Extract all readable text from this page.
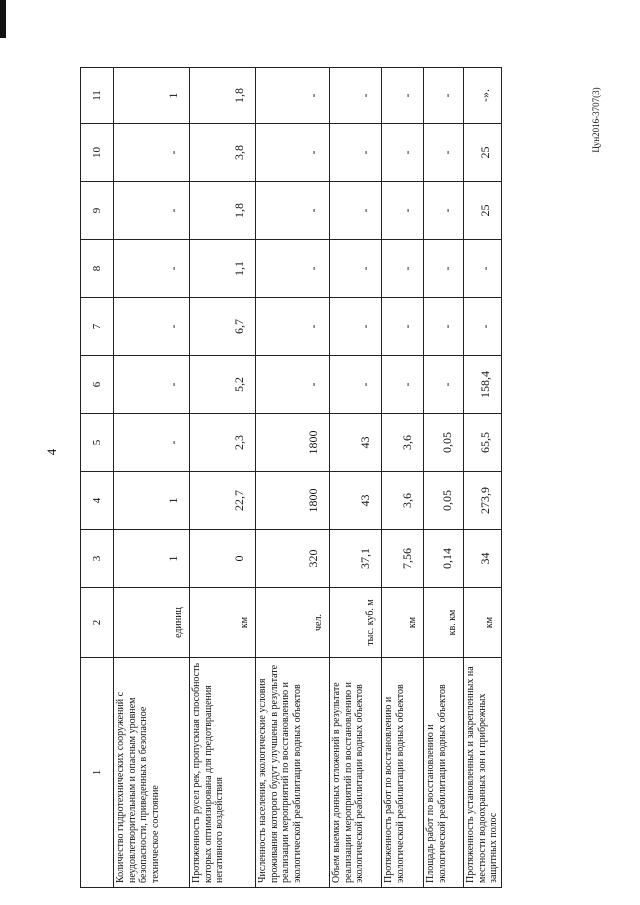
4
Цун2016-3707(3)
1	2	3	4	5	6	7	8	9	10	11
Количество гидротехнических сооружений с неудовлетворительным и опасным уровнем безопасности, приведенных в безопасное техническое состояние	единиц	1	1	-	-	-	-	-	-	1
Протяженность русел рек, пропускная способность которых оптимизирована для предотвращения негативного воздействия	км	0	22,7	2,3	5,2	6,7	1,1	1,8	3,8	1,8
Численность населения, экологические условия проживания которого будут улучшены в результате реализации мероприятий по восстановлению и экологической реабилитации водных объектов	чел.	320	1800	1800	-	-	-	-	-	-
Объем выемки донных отложений в результате реализации мероприятий по восстановлению и экологической реабилитации водных объектов	тыс. куб. м	37,1	43	43	-	-	-	-	-	-
Протяженность работ по восстановлению и экологической реабилитации водных объектов	км	7,56	3,6	3,6	-	-	-	-	-	-
Площадь работ по восстановлению и экологической реабилитации водных объектов	кв. км	0,14	0,05	0,05	-	-	-	-	-	-
Протяженность установленных и закрепленных на местности водоохранных зон и прибрежных защитных полос	км	34	273,9	65,5	158,4	-	-	25	25	-».
